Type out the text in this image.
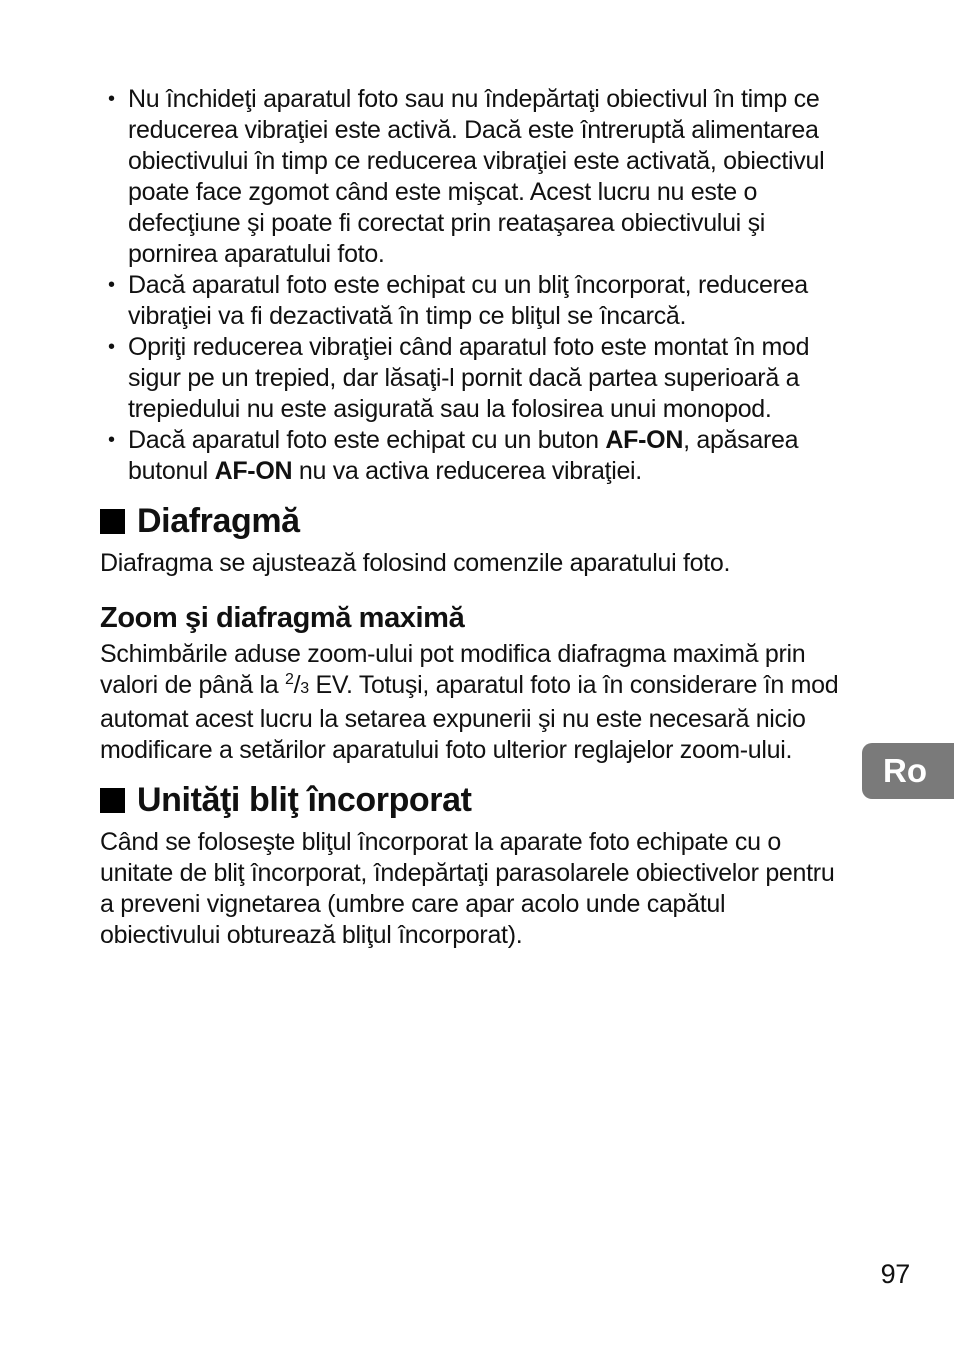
• Nu închideţi aparatul foto sau nu îndepărtaţi obiectivul în timp ce reducerea vibraţiei este activă. Dacă este întreruptă alimentarea obiectivului în timp ce reducerea vibraţiei este activată, obiectivul poate face zgomot când este mişcat. Acest lucru nu este o defecţiune şi poate fi corectat prin reataşarea obiectivului şi pornirea aparatului foto.
• Dacă aparatul foto este echipat cu un bliţ încorporat, reducerea vibraţiei va fi dezactivată în timp ce bliţul se încarcă.
• Opriţi reducerea vibraţiei când aparatul foto este montat în mod sigur pe un trepied, dar lăsaţi-l pornit dacă partea superioară a trepiedului nu este asigurată sau la folosirea unui monopod.
• Dacă aparatul foto este echipat cu un buton AF-ON, apăsarea butonul AF-ON nu va activa reducerea vibraţiei.
Diafragmă

Diafragma se ajustează folosind comenzile aparatului foto.

Zoom şi diafragmă maximă

Schimbările aduse zoom-ului pot modifica diafragma maximă prin valori de până la $^2$/3 EV. Totuşi, aparatul foto ia în considerare în mod automat acest lucru la setarea expunerii şi nu este necesară nicio modificare a setărilor aparatului foto ulterior reglajelor zoom-ului.

Unităţi bliţ încorporat

Când se foloseşte bliţul încorporat la aparate foto echipate cu o unitate de bliţ încorporat, îndepărtaţi parasolarele obiectivelor pentru a preveni vignetarea (umbre care apar acolo unde capătul obiectivului obturează bliţul încorporat).

Ro
97
